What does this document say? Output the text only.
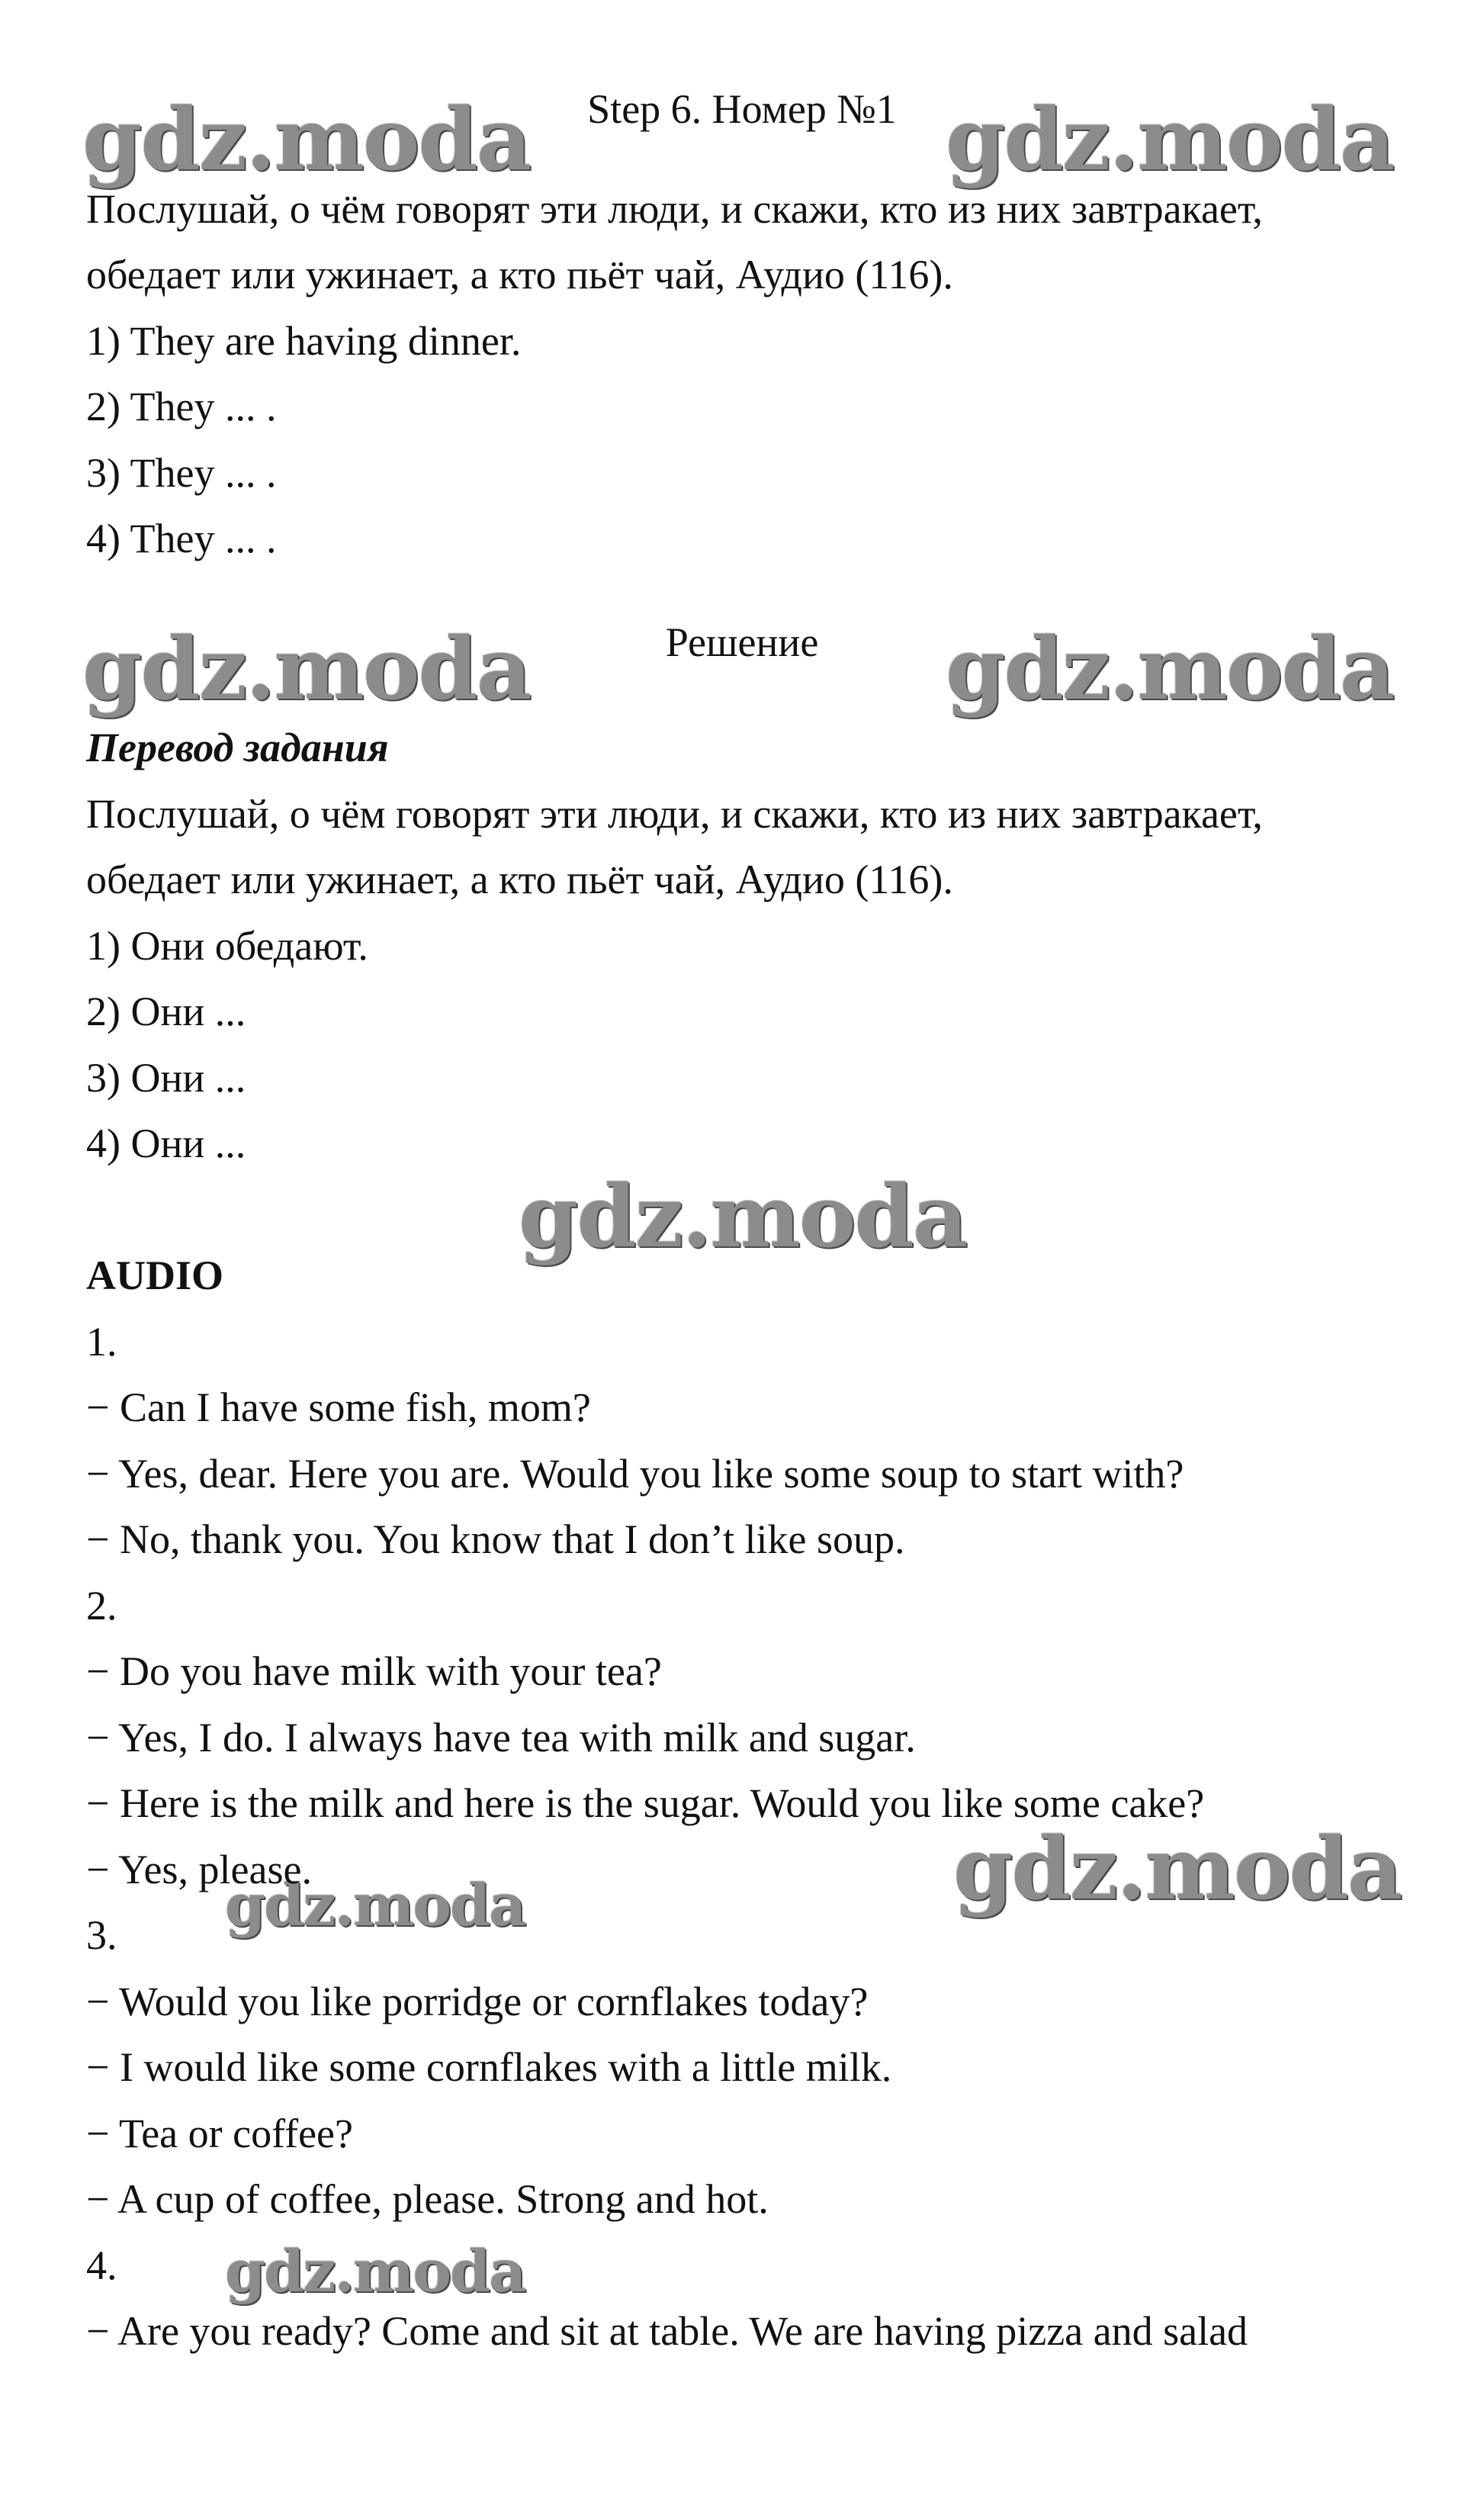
gdz.moda	gdz.moda
gdz.moda	gdz.moda
gdz.moda
gdz.moda
gdz.moda
gdz.moda
Step 6. Номер №1
Послушай, о чём говорят эти люди, и скажи, кто из них завтракает,
обедает или ужинает, а кто пьёт чай, Аудио (116).
1) They are having dinner.
2) They ... .
3) They ... .
4) They ... .
Решение
Перевод задания
Послушай, о чём говорят эти люди, и скажи, кто из них завтракает,
обедает или ужинает, а кто пьёт чай, Аудио (116).
1) Они обедают.
2) Они ...
3) Они ...
4) Они ...
AUDIO
1.
− Can I have some fish, mom?
− Yes, dear. Here you are. Would you like some soup to start with?
− No, thank you. You know that I don’t like soup.
2.
− Do you have milk with your tea?
− Yes, I do. I always have tea with milk and sugar.
− Here is the milk and here is the sugar. Would you like some cake?
− Yes, please.
3.
− Would you like porridge or cornflakes today?
− I would like some cornflakes with a little milk.
− Tea or coffee?
− A cup of coffee, please. Strong and hot.
4.
− Are you ready? Come and sit at table. We are having pizza and salad
